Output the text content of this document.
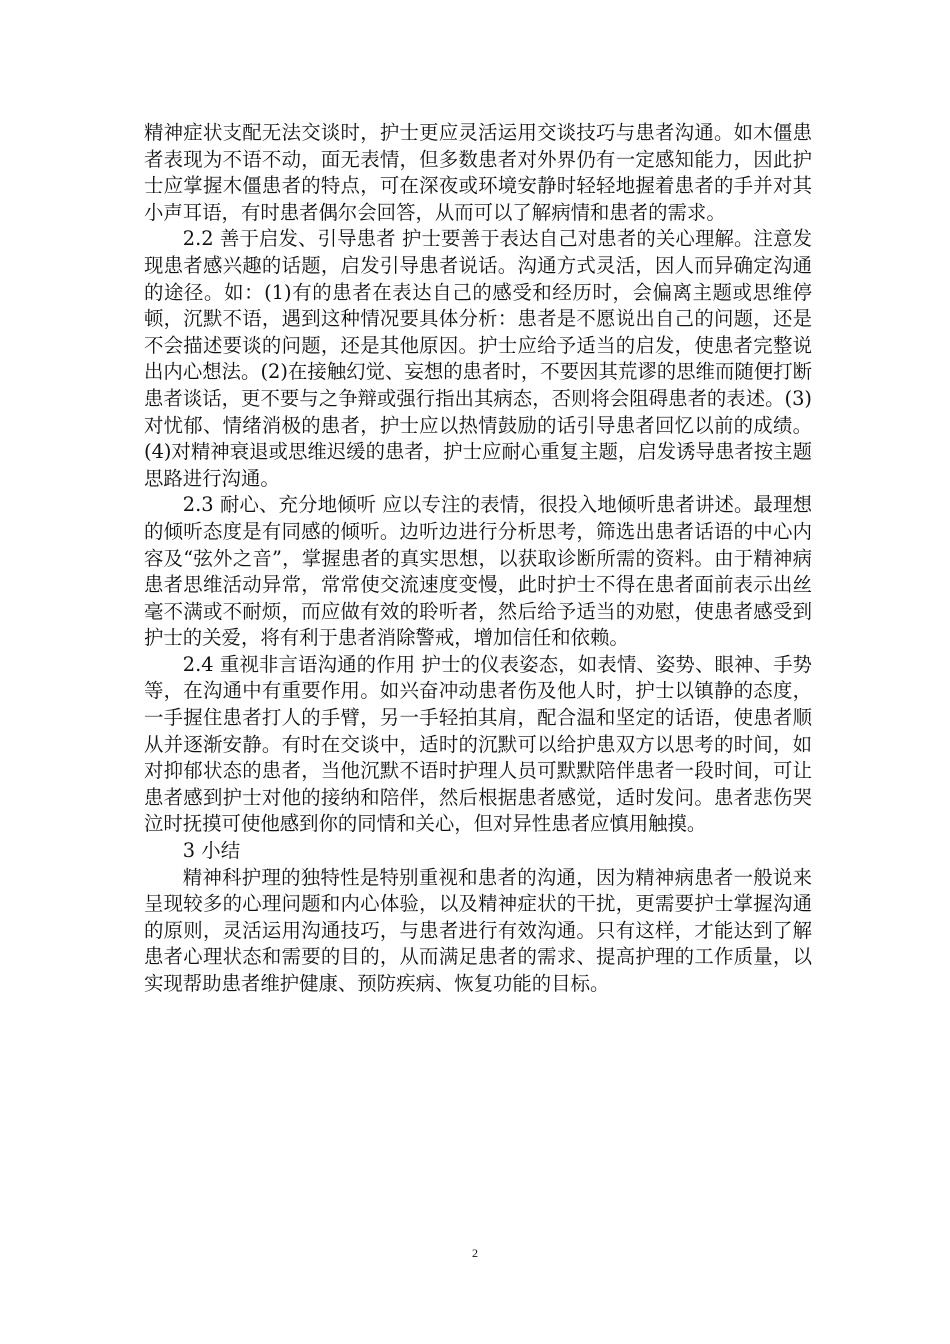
精神症状支配无法交谈时，护士更应灵活运用交谈技巧与患者沟通。如木僵患者表现为不语不动，面无表情，但多数患者对外界仍有一定感知能力，因此护士应掌握木僵患者的特点，可在深夜或环境安静时轻轻地握着患者的手并对其小声耳语，有时患者偶尔会回答，从而可以了解病情和患者的需求。

2.2 善于启发、引导患者 护士要善于表达自己对患者的关心理解。注意发现患者感兴趣的话题，启发引导患者说话。沟通方式灵活，因人而异确定沟通的途径。如：(1)有的患者在表达自己的感受和经历时，会偏离主题或思维停顿，沉默不语，遇到这种情况要具体分析：患者是不愿说出自己的问题，还是不会描述要谈的问题，还是其他原因。护士应给予适当的启发，使患者完整说出内心想法。(2)在接触幻觉、妄想的患者时，不要因其荒谬的思维而随便打断患者谈话，更不要与之争辩或强行指出其病态，否则将会阻碍患者的表述。(3)对忧郁、情绪消极的患者，护士应以热情鼓励的话引导患者回忆以前的成绩。(4)对精神衰退或思维迟缓的患者，护士应耐心重复主题，启发诱导患者按主题思路进行沟通。

2.3 耐心、充分地倾听 应以专注的表情，很投入地倾听患者讲述。最理想的倾听态度是有同感的倾听。边听边进行分析思考，筛选出患者话语的中心内容及“弦外之音”，掌握患者的真实思想，以获取诊断所需的资料。由于精神病患者思维活动异常，常常使交流速度变慢，此时护士不得在患者面前表示出丝毫不满或不耐烦，而应做有效的聆听者，然后给予适当的劝慰，使患者感受到护士的关爱，将有利于患者消除警戒，增加信任和依赖。

2.4 重视非言语沟通的作用 护士的仪表姿态，如表情、姿势、眼神、手势等，在沟通中有重要作用。如兴奋冲动患者伤及他人时，护士以镇静的态度，一手握住患者打人的手臂，另一手轻拍其肩，配合温和坚定的话语，使患者顺从并逐渐安静。有时在交谈中，适时的沉默可以给护患双方以思考的时间，如对抑郁状态的患者，当他沉默不语时护理人员可默默陪伴患者一段时间，可让患者感到护士对他的接纳和陪伴，然后根据患者感觉，适时发问。患者悲伤哭泣时抚摸可使他感到你的同情和关心，但对异性患者应慎用触摸。

3 小结

精神科护理的独特性是特别重视和患者的沟通，因为精神病患者一般说来呈现较多的心理问题和内心体验，以及精神症状的干扰，更需要护士掌握沟通的原则，灵活运用沟通技巧，与患者进行有效沟通。只有这样，才能达到了解患者心理状态和需要的目的，从而满足患者的需求、提高护理的工作质量，以实现帮助患者维护健康、预防疾病、恢复功能的目标。

2
